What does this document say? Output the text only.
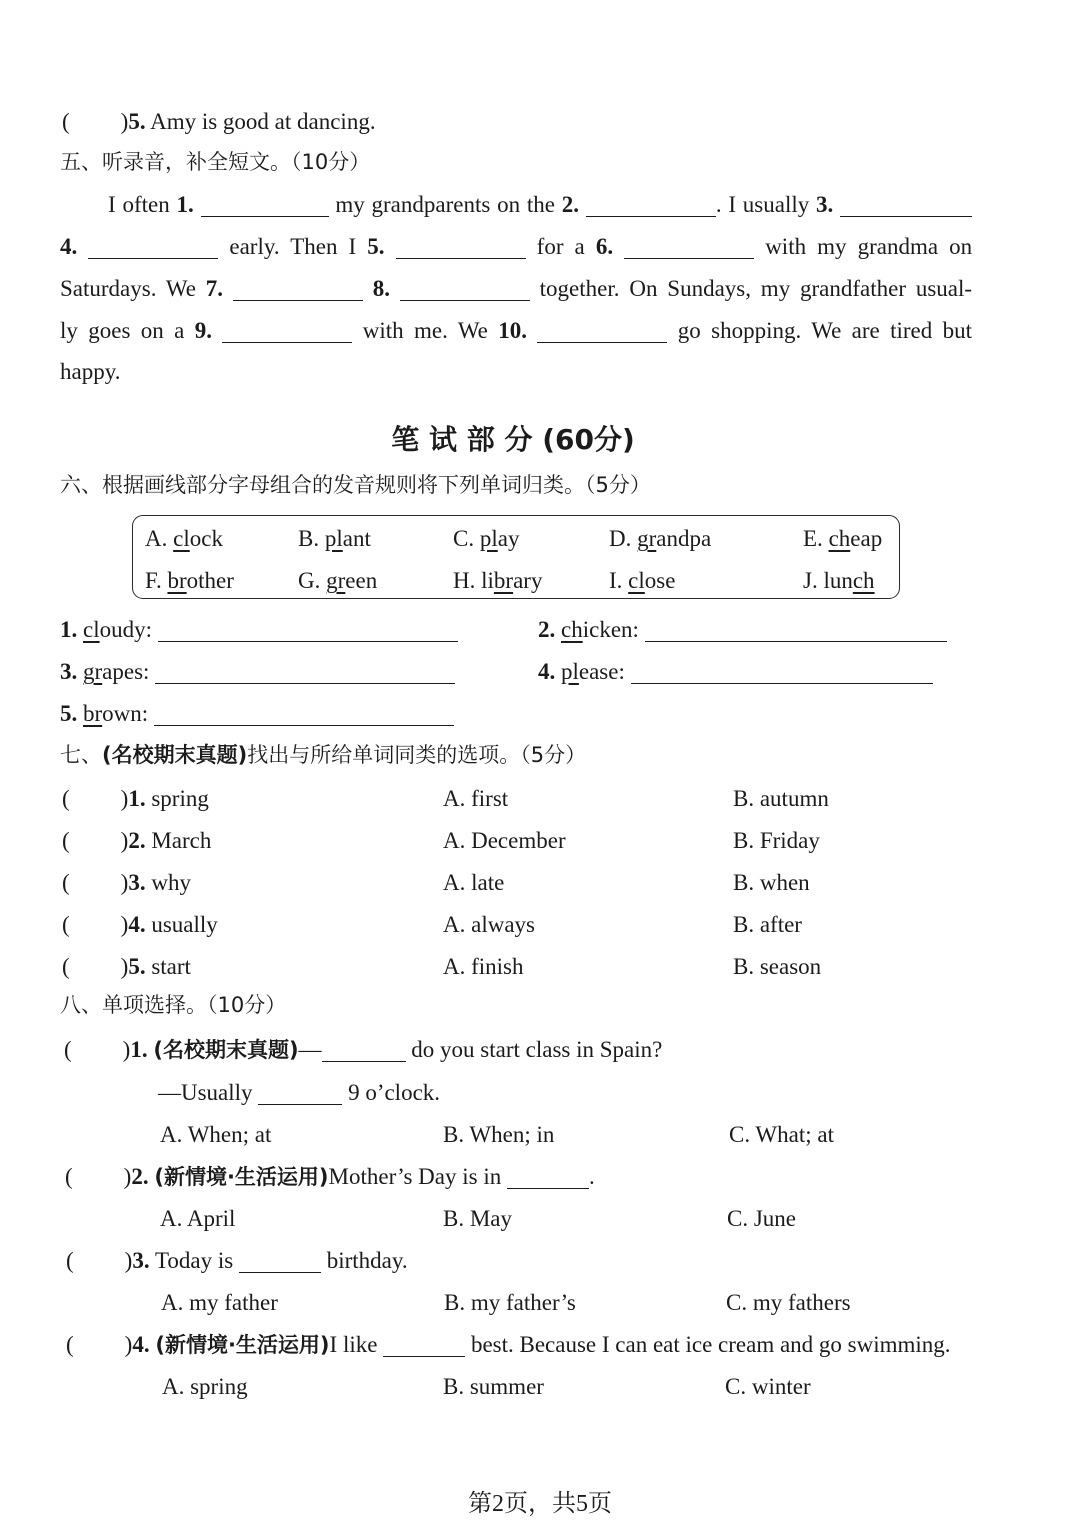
( )5. Amy is good at dancing.
五、听录音，补全短文。（10分）
I often 1.	my grandparents on the 2.	. I usually 3.
4.	early. Then I 5.	for a 6.	with my grandma on
Saturdays. We 7.	8.	together. On Sundays, my grandfather usual-
ly goes on a 9.	with me. We 10.	go shopping. We are tired but
happy.
笔 试 部 分 (60分)
六、根据画线部分字母组合的发音规则将下列单词归类。（5分）
A. clock	B. plant	C. play	D. grandpa	E. cheap
F. brother	G. green	H. library	I. close	J. lunch
1. cloudy:	2. chicken:
3. grapes:	4. please:
5. brown:
七、(名校期末真题)找出与所给单词同类的选项。（5分）
( )1. spring	A. first	B. autumn
( )2. March	A. December	B. Friday
( )3. why	A. late	B. when
( )4. usually	A. always	B. after
( )5. start	A. finish	B. season
八、单项选择。（10分）
( )1. (名校期末真题)—	do you start class in Spain?
—Usually	9 o’clock.
A. When; at	B. When; in	C. What; at
( )2. (新情境·生活运用)Mother’s Day is in	.
A. April	B. May	C. June
( )3. Today is	birthday.
A. my father	B. my father’s	C. my fathers
( )4. (新情境·生活运用)I like	best. Because I can eat ice cream and go swimming.
A. spring	B. summer	C. winter
第2页，共5页
